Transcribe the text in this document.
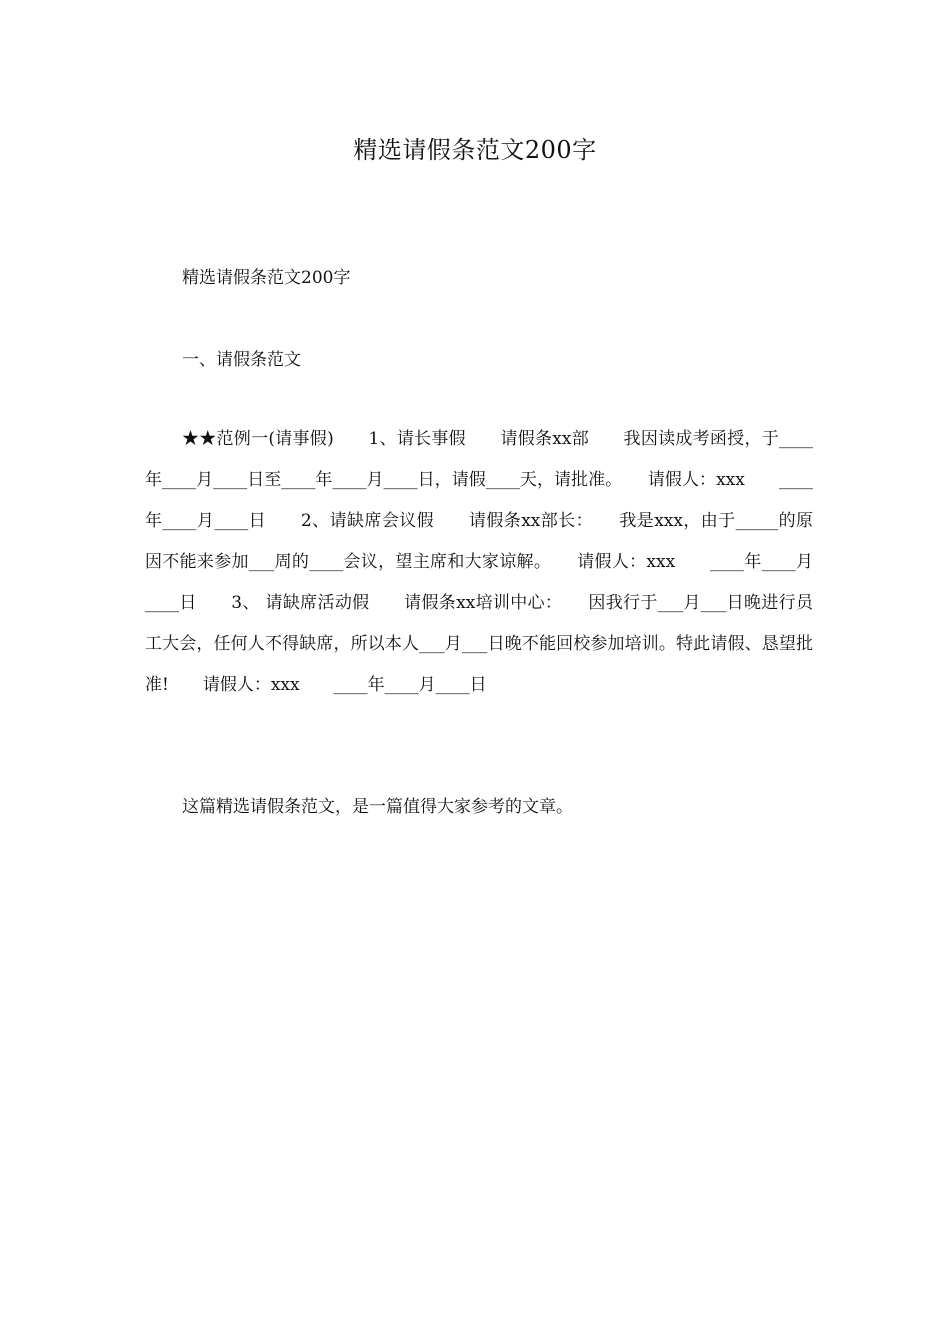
精选请假条范文200字
精选请假条范文200字
一、请假条范文
★★范例一(请事假)　　1、请长事假　　请假条xx部　　我因读成考函授，于____年____月____日至____年____月____日，请假____天，请批准。　　请假人：xxx　　____年____月____日　　2、请缺席会议假　　请假条xx部长：　　我是xxx，由于_____的原因不能来参加___周的____会议，望主席和大家谅解。　　请假人：xxx　　____年____月____日　　3、 请缺席活动假　　请假条xx培训中心：　　因我行于___月___日晚进行员工大会，任何人不得缺席，所以本人___月___日晚不能回校参加培训。特此请假、恳望批准!　　请假人：xxx　　____年____月____日
这篇精选请假条范文，是一篇值得大家参考的文章。
